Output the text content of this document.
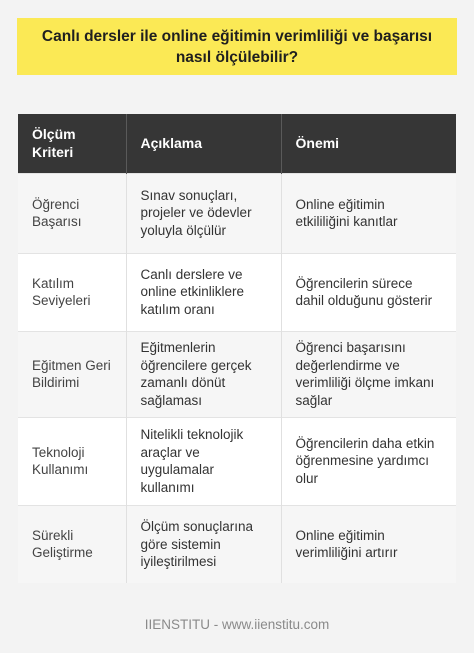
Canlı dersler ile online eğitimin verimliliği ve başarısı nasıl ölçülebilir?
Ölçüm Kriteri	Açıklama	Önemi
Öğrenci Başarısı	Sınav sonuçları, projeler ve ödevler yoluyla ölçülür	Online eğitimin etkililiğini kanıtlar
Katılım Seviyeleri	Canlı derslere ve online etkinliklere katılım oranı	Öğrencilerin sürece dahil olduğunu gösterir
Eğitmen Geri Bildirimi	Eğitmenlerin öğrencilere gerçek zamanlı dönüt sağlaması	Öğrenci başarısını değerlendirme ve verimliliği ölçme imkanı sağlar
Teknoloji Kullanımı	Nitelikli teknolojik araçlar ve uygulamalar kullanımı	Öğrencilerin daha etkin öğrenmesine yardımcı olur
Sürekli Geliştirme	Ölçüm sonuçlarına göre sistemin iyileştirilmesi	Online eğitimin verimliliğini artırır
IIENSTITU - www.iienstitu.com
